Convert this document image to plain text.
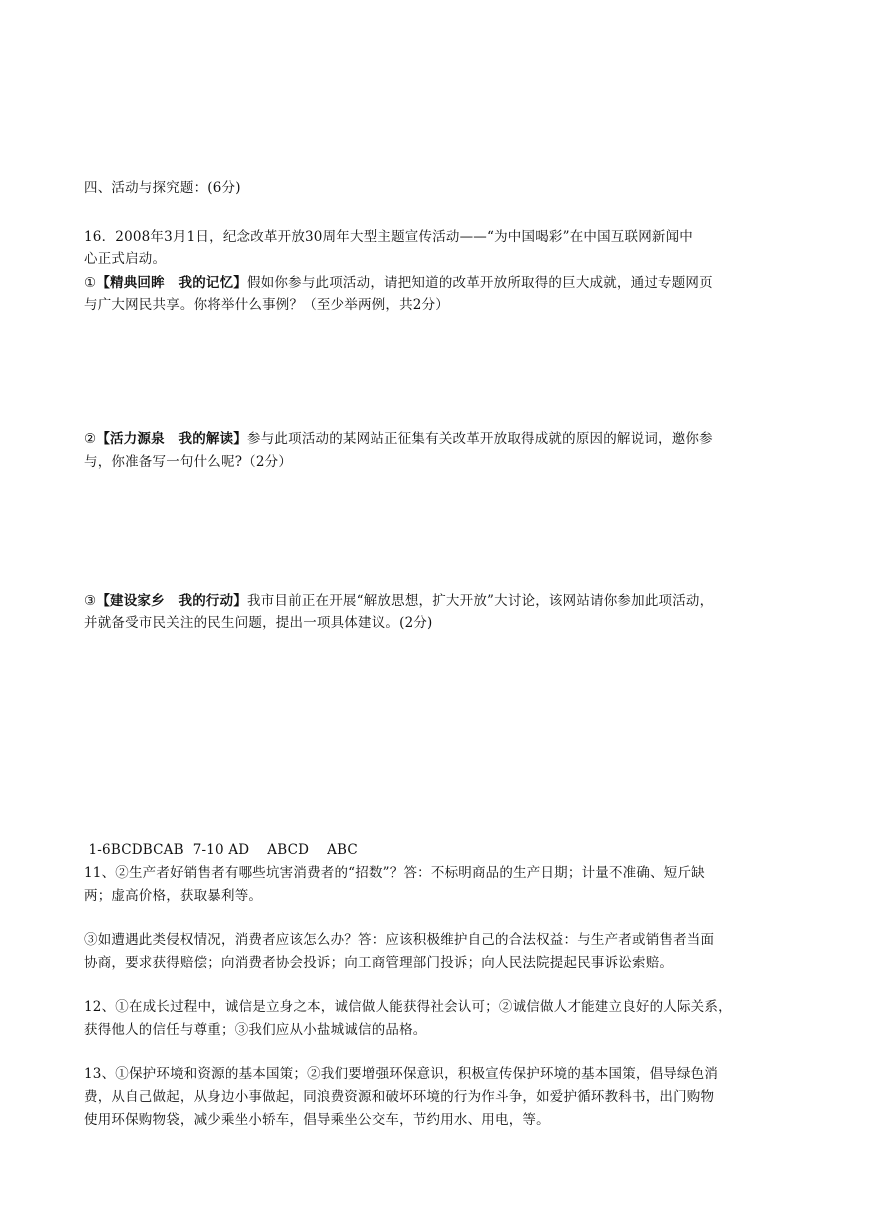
四、活动与探究题：(6分)
16．2008年3月1日，纪念改革开放30周年大型主题宣传活动——“为中国喝彩”在中国互联网新闻中
心正式启动。
①【精典回眸　我的记忆】假如你参与此项活动，请把知道的改革开放所取得的巨大成就，通过专题网页
与广大网民共享。你将举什么事例？（至少举两例，共2分）
②【活力源泉　我的解读】参与此项活动的某网站正征集有关改革开放取得成就的原因的解说词，邀你参
与，你准备写一句什么呢?（2分）
③【建设家乡　我的行动】我市目前正在开展“解放思想，扩大开放”大讨论，该网站请你参加此项活动，
并就备受市民关注的民生问题，提出一项具体建议。(2分)
1-6BCDBCAB  7-10 AD    ABCD    ABC
11、②生产者好销售者有哪些坑害消费者的“招数”？答：不标明商品的生产日期；计量不准确、短斤缺
两；虚高价格，获取暴利等。
③如遭遇此类侵权情况，消费者应该怎么办？答：应该积极维护自己的合法权益：与生产者或销售者当面
协商，要求获得赔偿；向消费者协会投诉；向工商管理部门投诉；向人民法院提起民事诉讼索赔。
12、①在成长过程中，诚信是立身之本，诚信做人能获得社会认可；②诚信做人才能建立良好的人际关系，
获得他人的信任与尊重；③我们应从小盐城诚信的品格。
13、①保护环境和资源的基本国策；②我们要增强环保意识，积极宣传保护环境的基本国策，倡导绿色消
费，从自己做起，从身边小事做起，同浪费资源和破坏环境的行为作斗争，如爱护循环教科书，出门购物
使用环保购物袋，减少乘坐小轿车，倡导乘坐公交车，节约用水、用电，等。
